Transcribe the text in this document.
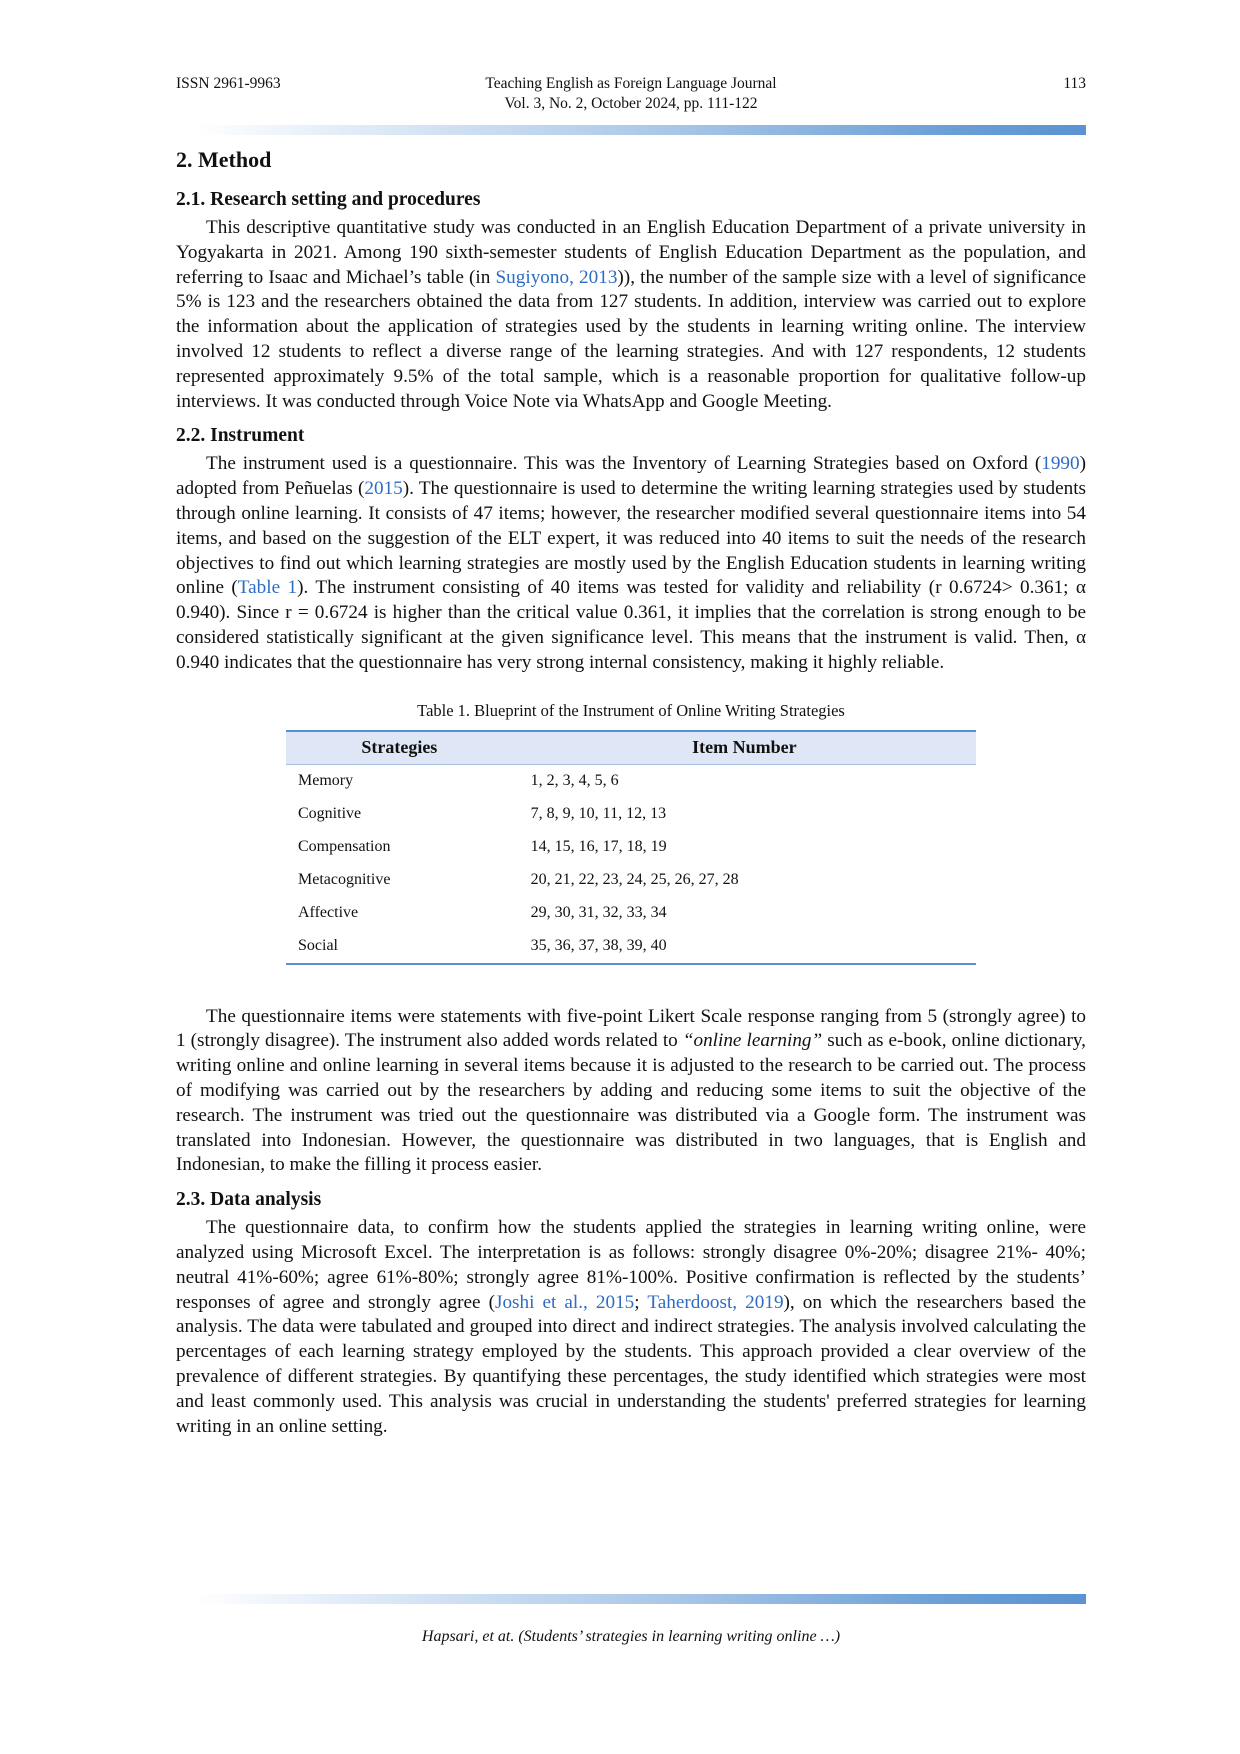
ISSN 2961-9963	Teaching English as Foreign Language Journal
Vol. 3, No. 2, October 2024, pp. 111-122
113
2. Method
2.1. Research setting and procedures

This descriptive quantitative study was conducted in an English Education Department of a private university in Yogyakarta in 2021. Among 190 sixth-semester students of English Education Department as the population, and referring to Isaac and Michael’s table (in Sugiyono, 2013)), the number of the sample size with a level of significance 5% is 123 and the researchers obtained the data from 127 students. In addition, interview was carried out to explore the information about the application of strategies used by the students in learning writing online. The interview involved 12 students to reflect a diverse range of the learning strategies. And with 127 respondents, 12 students represented approximately 9.5% of the total sample, which is a reasonable proportion for qualitative follow-up interviews. It was conducted through Voice Note via WhatsApp and Google Meeting.

2.2. Instrument

The instrument used is a questionnaire. This was the Inventory of Learning Strategies based on Oxford (1990) adopted from Peñuelas (2015). The questionnaire is used to determine the writing learning strategies used by students through online learning. It consists of 47 items; however, the researcher modified several questionnaire items into 54 items, and based on the suggestion of the ELT expert, it was reduced into 40 items to suit the needs of the research objectives to find out which learning strategies are mostly used by the English Education students in learning writing online (Table 1). The instrument consisting of 40 items was tested for validity and reliability (r 0.6724> 0.361; α 0.940). Since r = 0.6724 is higher than the critical value 0.361, it implies that the correlation is strong enough to be considered statistically significant at the given significance level. This means that the instrument is valid. Then, α 0.940 indicates that the questionnaire has very strong internal consistency, making it highly reliable.

Table 1. Blueprint of the Instrument of Online Writing Strategies
Strategies	Item Number
Memory	1, 2, 3, 4, 5, 6
Cognitive	7, 8, 9, 10, 11, 12, 13
Compensation	14, 15, 16, 17, 18, 19
Metacognitive	20, 21, 22, 23, 24, 25, 26, 27, 28
Affective	29, 30, 31, 32, 33, 34
Social	35, 36, 37, 38, 39, 40

The questionnaire items were statements with five-point Likert Scale response ranging from 5 (strongly agree) to 1 (strongly disagree). The instrument also added words related to “online learning” such as e-book, online dictionary, writing online and online learning in several items because it is adjusted to the research to be carried out. The process of modifying was carried out by the researchers by adding and reducing some items to suit the objective of the research. The instrument was tried out the questionnaire was distributed via a Google form. The instrument was translated into Indonesian. However, the questionnaire was distributed in two languages, that is English and Indonesian, to make the filling it process easier.

2.3. Data analysis

The questionnaire data, to confirm how the students applied the strategies in learning writing online, were analyzed using Microsoft Excel. The interpretation is as follows: strongly disagree 0%-20%; disagree 21%- 40%; neutral 41%-60%; agree 61%-80%; strongly agree 81%-100%. Positive confirmation is reflected by the students’ responses of agree and strongly agree (Joshi et al., 2015; Taherdoost, 2019), on which the researchers based the analysis. The data were tabulated and grouped into direct and indirect strategies. The analysis involved calculating the percentages of each learning strategy employed by the students. This approach provided a clear overview of the prevalence of different strategies. By quantifying these percentages, the study identified which strategies were most and least commonly used. This analysis was crucial in understanding the students' preferred strategies for learning writing in an online setting.

Hapsari, et at. (Students’ strategies in learning writing online …)
